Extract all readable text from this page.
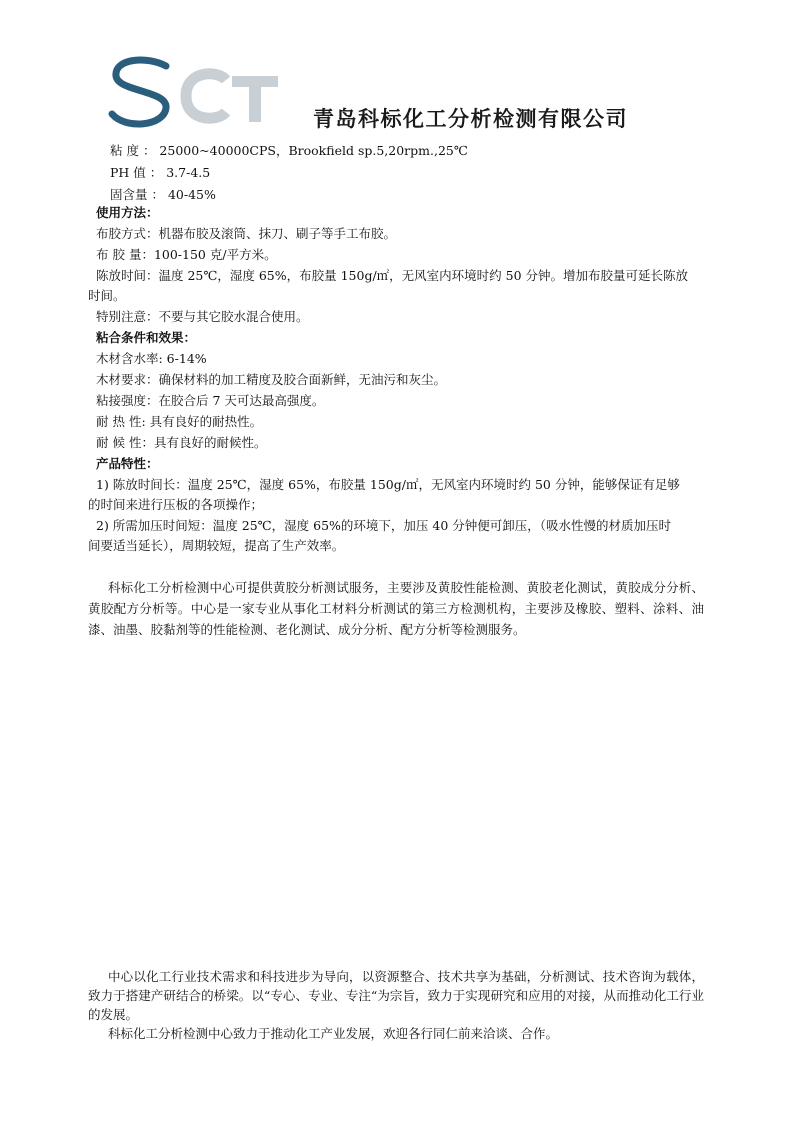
青岛科标化工分析检测有限公司
粘 度 ： 25000~40000CPS，Brookfield sp.5,20rpm.,25℃
PH 值 ： 3.7-4.5
固含量 ： 40-45%
使用方法：
布胶方式：机器布胶及滚筒、抹刀、刷子等手工布胶。
布 胶 量：100-150 克/平方米。
陈放时间：温度 25℃，湿度 65%，布胶量 150g/㎡，无风室内环境时约 50 分钟。增加布胶量可延长陈放
时间。
特别注意：不要与其它胶水混合使用。
粘合条件和效果：
木材含水率: 6-14%
木材要求：确保材料的加工精度及胶合面新鲜，无油污和灰尘。
粘接强度：在胶合后 7 天可达最高强度。
耐 热 性: 具有良好的耐热性。
耐 候 性：具有良好的耐候性。
产品特性：
1) 陈放时间长：温度 25℃，湿度 65%，布胶量 150g/㎡，无风室内环境时约 50 分钟，能够保证有足够
的时间来进行压板的各项操作；
2) 所需加压时间短：温度 25℃，湿度 65%的环境下，加压 40 分钟便可卸压，（吸水性慢的材质加压时
间要适当延长），周期较短，提高了生产效率。
科标化工分析检测中心可提供黄胶分析测试服务，主要涉及黄胶性能检测、黄胶老化测试，黄胶成分分析、黄胶配方分析等。中心是一家专业从事化工材料分析测试的第三方检测机构，主要涉及橡胶、塑料、涂料、油漆、油墨、胶黏剂等的性能检测、老化测试、成分分析、配方分析等检测服务。
中心以化工行业技术需求和科技进步为导向，以资源整合、技术共享为基础，分析测试、技术咨询为载体，致力于搭建产研结合的桥梁。以“专心、专业、专注“为宗旨，致力于实现研究和应用的对接，从而推动化工行业的发展。
科标化工分析检测中心致力于推动化工产业发展，欢迎各行同仁前来洽谈、合作。
